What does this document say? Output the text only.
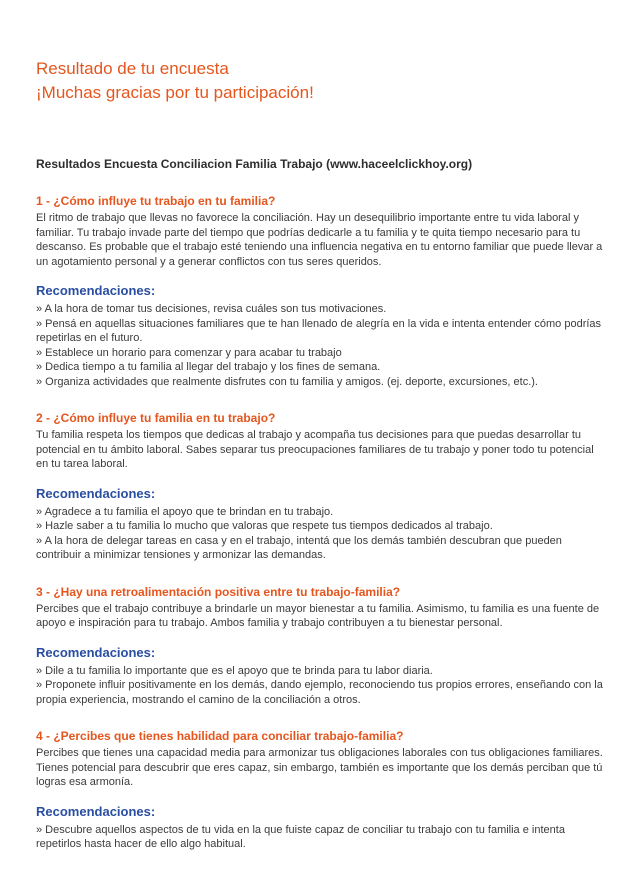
Resultado de tu encuesta
¡Muchas gracias por tu participación!
Resultados Encuesta Conciliacion Familia Trabajo (www.haceelclickhoy.org)
1 - ¿Cómo influye tu trabajo en tu familia?

El ritmo de trabajo que llevas no favorece la conciliación. Hay un desequilibrio importante entre tu vida laboral y familiar. Tu trabajo invade parte del tiempo que podrías dedicarle a tu familia y te quita tiempo necesario para tu descanso. Es probable que el trabajo esté teniendo una influencia negativa en tu entorno familiar que puede llevar a un agotamiento personal y a generar conflictos con tus seres queridos.

Recomendaciones:

» A la hora de tomar tus decisiones, revisa cuáles son tus motivaciones.

» Pensá en aquellas situaciones familiares que te han llenado de alegría en la vida e intenta entender cómo podrías repetirlas en el futuro.

» Establece un horario para comenzar y para acabar tu trabajo

» Dedica tiempo a tu familia al llegar del trabajo y los fines de semana.

» Organiza actividades que realmente disfrutes con tu familia y amigos. (ej. deporte, excursiones, etc.).

2 - ¿Cómo influye tu familia en tu trabajo?

Tu familia respeta los tiempos que dedicas al trabajo y acompaña tus decisiones para que puedas desarrollar tu potencial en tu ámbito laboral. Sabes separar tus preocupaciones familiares de tu trabajo y poner todo tu potencial en tu tarea laboral.

Recomendaciones:

» Agradece a tu familia el apoyo que te brindan en tu trabajo.

» Hazle saber a tu familia lo mucho que valoras que respete tus tiempos dedicados al trabajo.

» A la hora de delegar tareas en casa y en el trabajo, intentá que los demás también descubran que pueden contribuir a minimizar tensiones y armonizar las demandas.

3 - ¿Hay una retroalimentación positiva entre tu trabajo-familia?

Percibes que el trabajo contribuye a brindarle un mayor bienestar a tu familia. Asimismo, tu familia es una fuente de apoyo e inspiración para tu trabajo. Ambos familia y trabajo contribuyen a tu bienestar personal.

Recomendaciones:

» Dile a tu familia lo importante que es el apoyo que te brinda para tu labor diaria.

» Proponete influir positivamente en los demás, dando ejemplo, reconociendo tus propios errores, enseñando con la propia experiencia, mostrando el camino de la conciliación a otros.

4 - ¿Percibes que tienes habilidad para conciliar trabajo-familia?

Percibes que tienes una capacidad media para armonizar tus obligaciones laborales con tus obligaciones familiares. Tienes potencial para descubrir que eres capaz, sin embargo, también es importante que los demás perciban que tú logras esa armonía.

Recomendaciones:

» Descubre aquellos aspectos de tu vida en la que fuiste capaz de conciliar tu trabajo con tu familia e intenta repetirlos hasta hacer de ello algo habitual.
